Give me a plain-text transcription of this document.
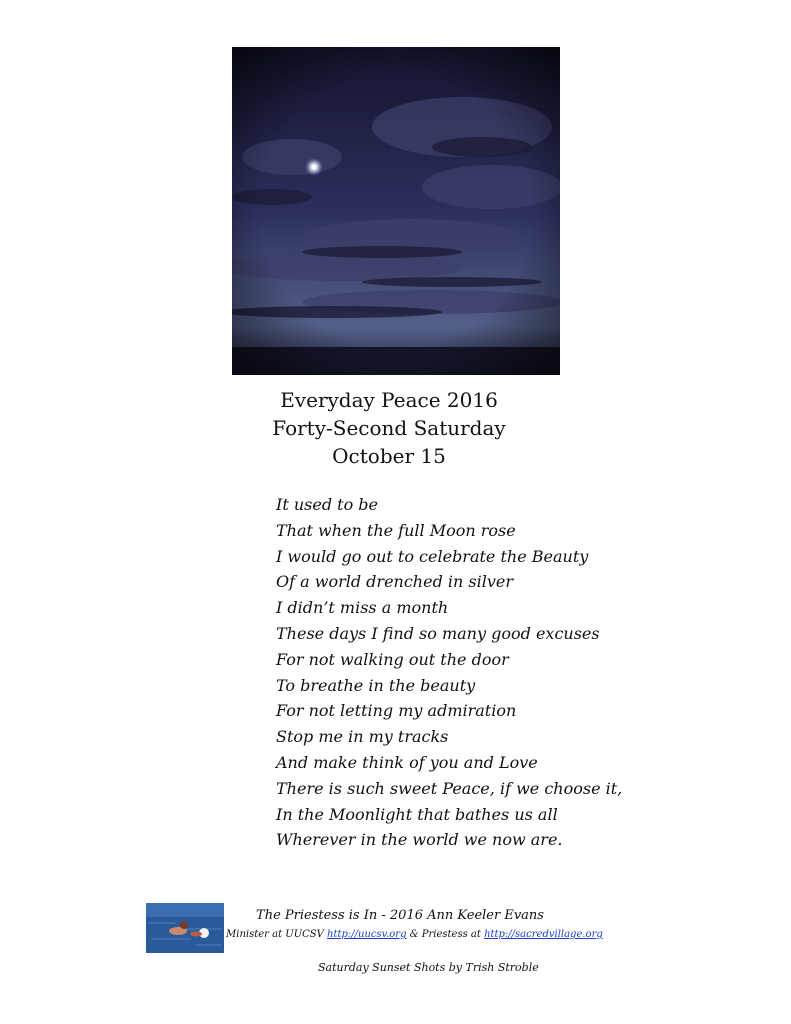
Everyday Peace 2016
Forty-Second Saturday
October 15
It used to be
That when the full Moon rose
I would go out to celebrate the Beauty
Of a world drenched in silver
I didn’t miss a month
These days I find so many good excuses
For not walking out the door
To breathe in the beauty
For not letting my admiration
Stop me in my tracks
And make think of you and Love
There is such sweet Peace, if we choose it,
In the Moonlight that bathes us all
Wherever in the world we now are.
The Priestess is In - 2016 Ann Keeler Evans
Minister at UUCSV http://uucsv.org & Priestess at http://sacredvillage.org
Saturday Sunset Shots by Trish Stroble
